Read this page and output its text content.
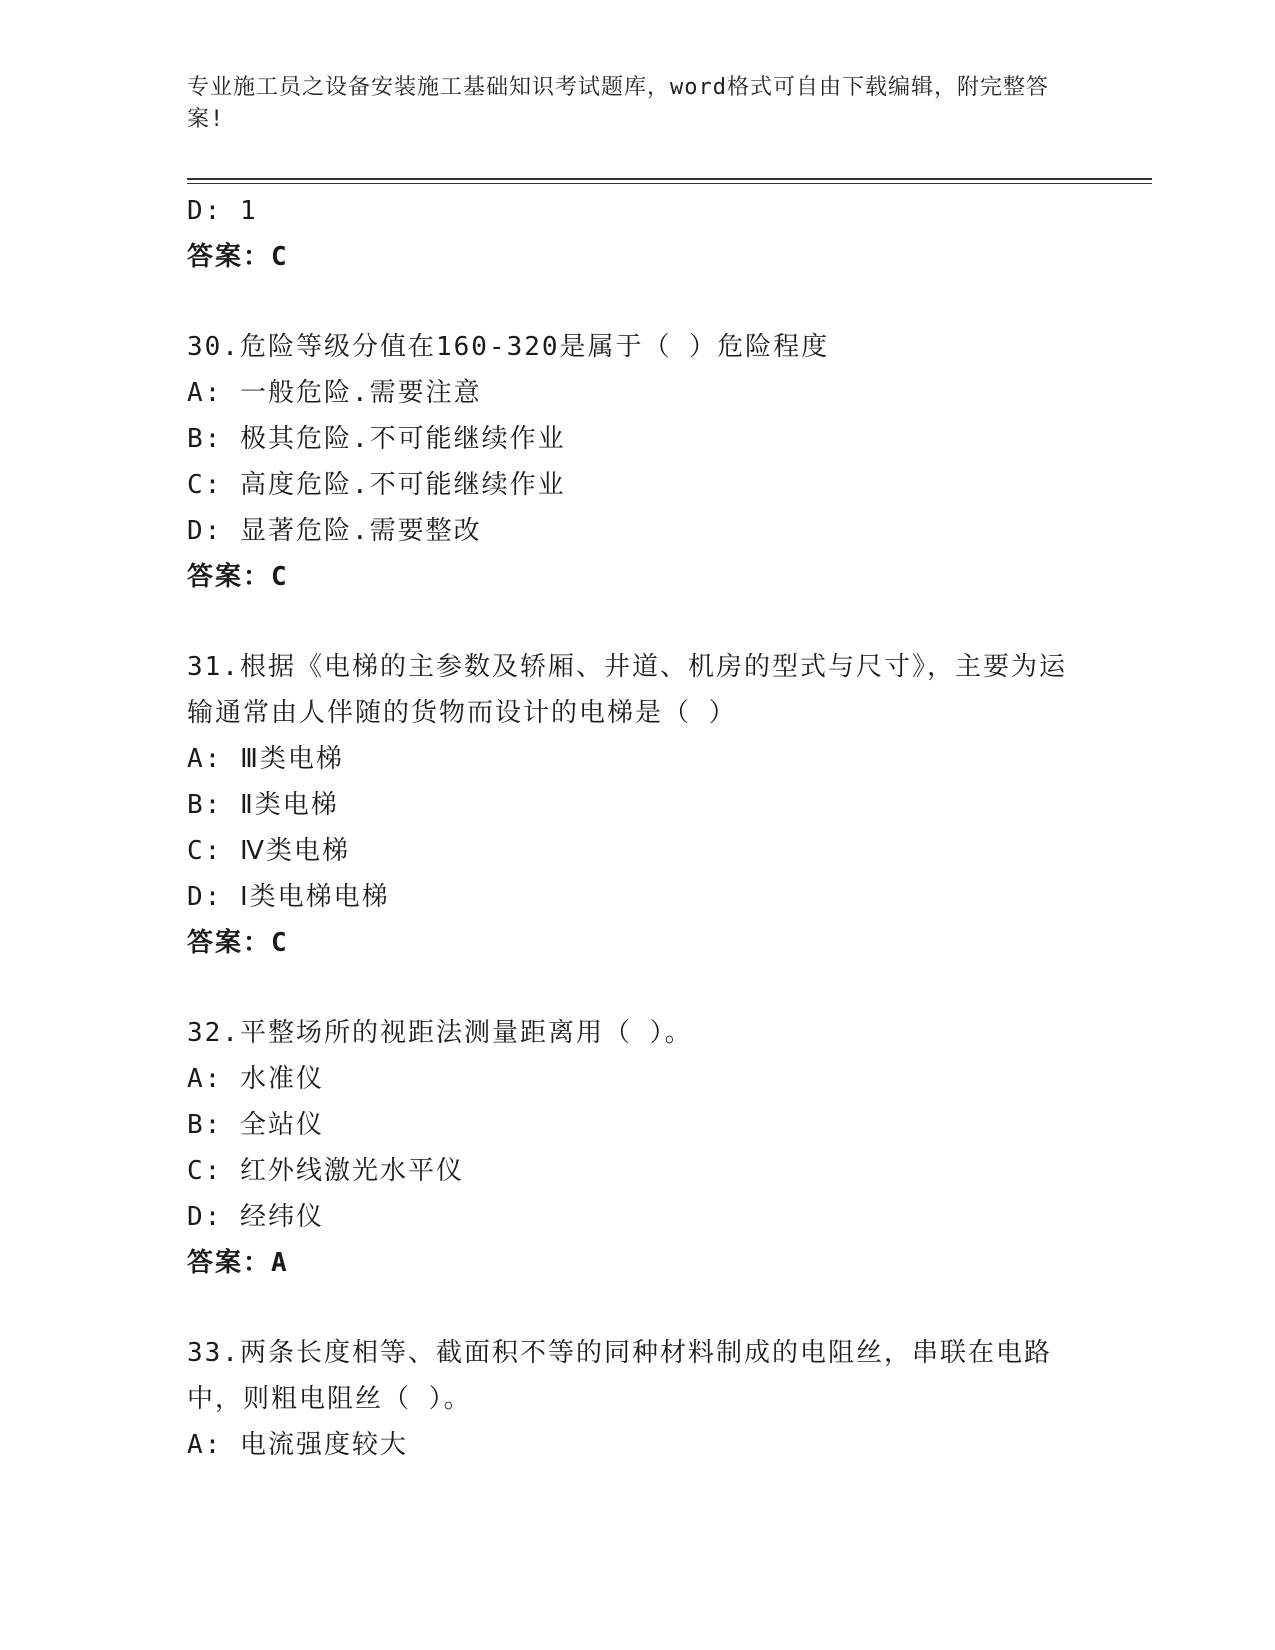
专业施工员之设备安装施工基础知识考试题库，word格式可自由下载编辑，附完整答案!
D: 1
答案：C
30.危险等级分值在160-320是属于（ ）危险程度
A: 一般危险.需要注意
B: 极其危险.不可能继续作业
C: 高度危险.不可能继续作业
D: 显著危险.需要整改
答案：C
31.根据《电梯的主参数及轿厢、井道、机房的型式与尺寸》，主要为运输通常由人伴随的货物而设计的电梯是（ ）
A: Ⅲ类电梯
B: Ⅱ类电梯
C: Ⅳ类电梯
D: Ⅰ类电梯电梯
答案：C
32.平整场所的视距法测量距离用（ ）。
A: 水准仪
B: 全站仪
C: 红外线激光水平仪
D: 经纬仪
答案：A
33.两条长度相等、截面积不等的同种材料制成的电阻丝，串联在电路中，则粗电阻丝（ ）。
A: 电流强度较大
